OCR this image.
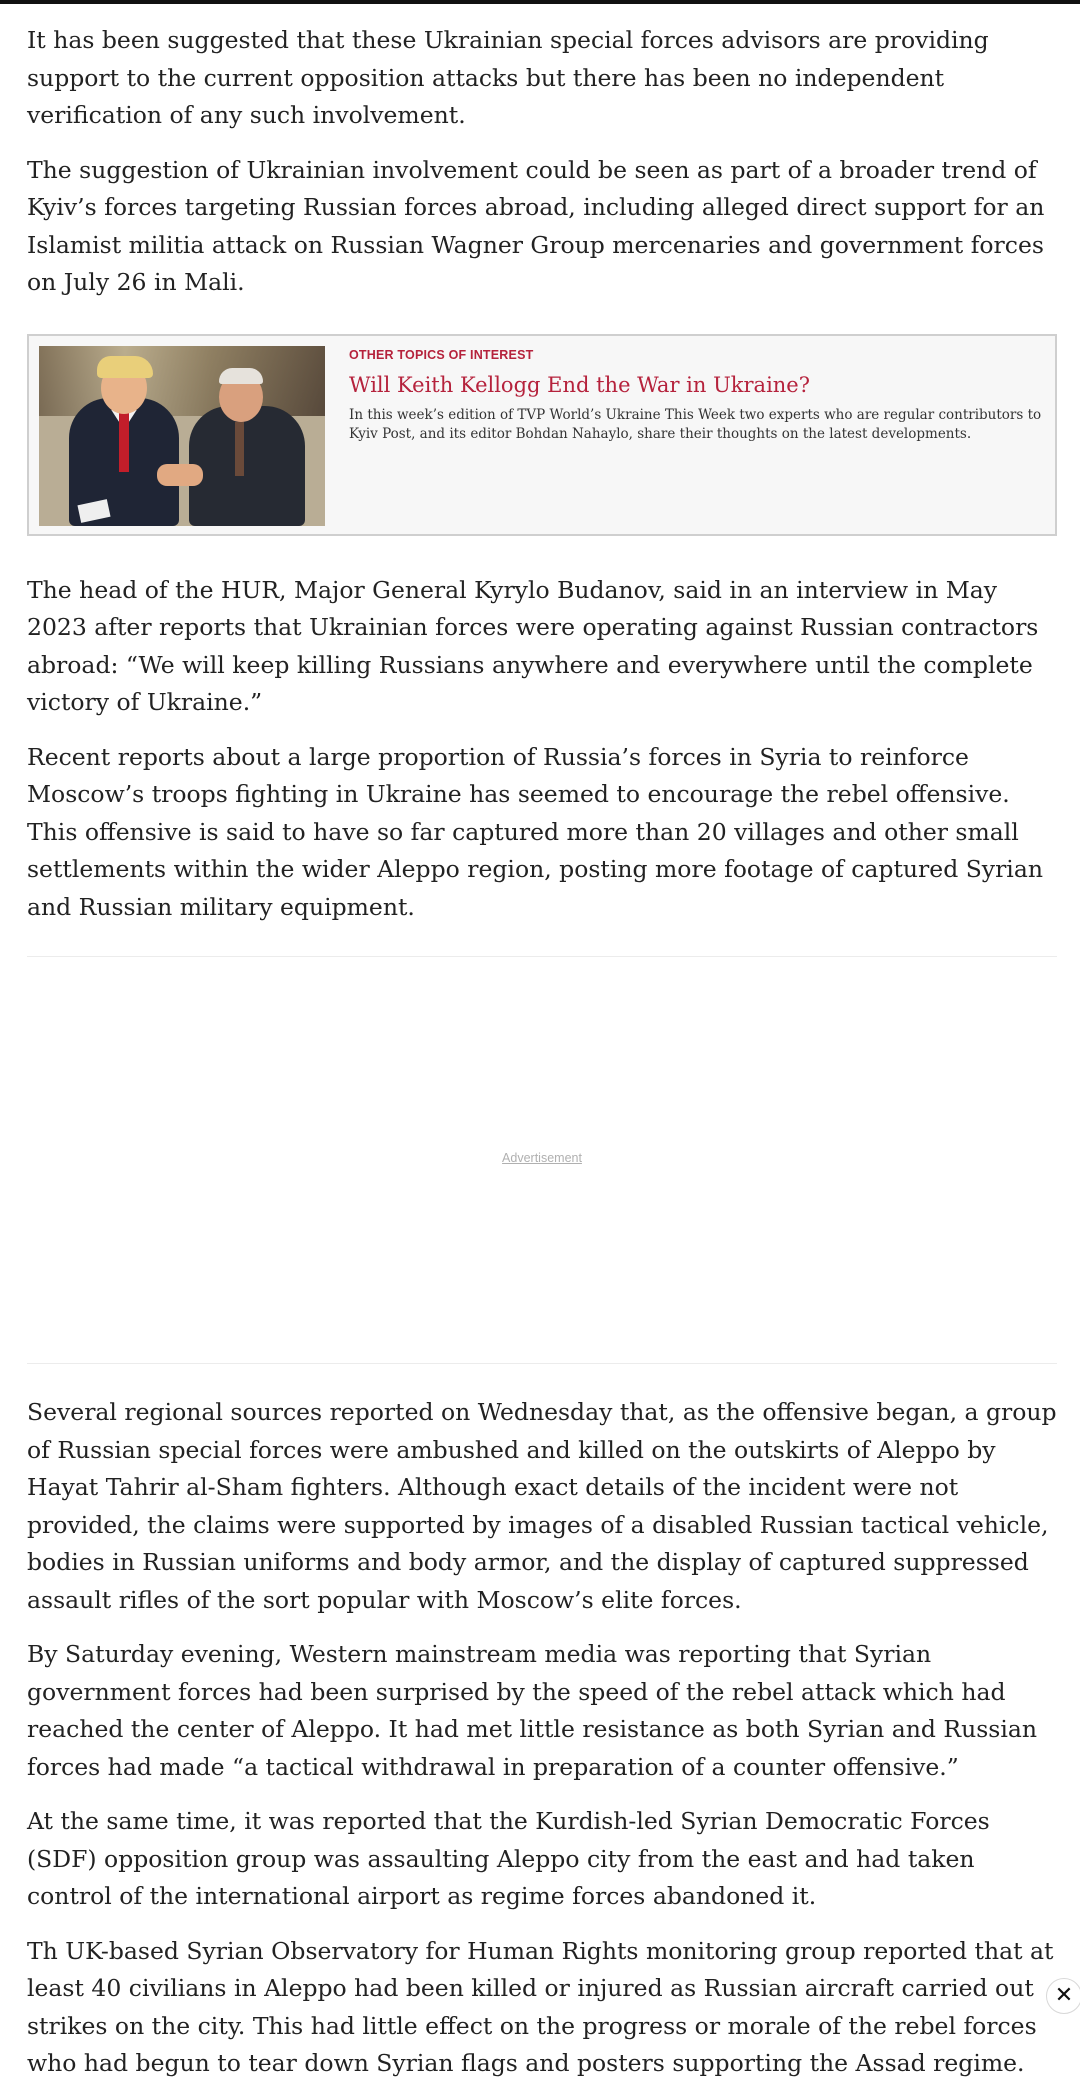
It has been suggested that these Ukrainian special forces advisors are providing support to the current opposition attacks but there has been no independent verification of any such involvement.

The suggestion of Ukrainian involvement could be seen as part of a broader trend of Kyiv’s forces targeting Russian forces abroad, including alleged direct support for an Islamist militia attack on Russian Wagner Group mercenaries and government forces on July 26 in Mali.

OTHER TOPICS OF INTEREST
Will Keith Kellogg End the War in Ukraine?

In this week’s edition of TVP World’s Ukraine This Week two experts who are regular contributors to Kyiv Post, and its editor Bohdan Nahaylo, share their thoughts on the latest developments.

The head of the HUR, Major General Kyrylo Budanov, said in an interview in May 2023 after reports that Ukrainian forces were operating against Russian contractors abroad: “We will keep killing Russians anywhere and everywhere until the complete victory of Ukraine.”

Recent reports about a large proportion of Russia’s forces in Syria to reinforce Moscow’s troops fighting in Ukraine has seemed to encourage the rebel offensive. This offensive is said to have so far captured more than 20 villages and other small settlements within the wider Aleppo region, posting more footage of captured Syrian and Russian military equipment.

Advertisement

Several regional sources reported on Wednesday that, as the offensive began, a group of Russian special forces were ambushed and killed on the outskirts of Aleppo by Hayat Tahrir al-Sham fighters. Although exact details of the incident were not provided, the claims were supported by images of a disabled Russian tactical vehicle, bodies in Russian uniforms and body armor, and the display of captured suppressed assault rifles of the sort popular with Moscow’s elite forces.

By Saturday evening, Western mainstream media was reporting that Syrian government forces had been surprised by the speed of the rebel attack which had reached the center of Aleppo. It had met little resistance as both Syrian and Russian forces had made “a tactical withdrawal in preparation of a counter offensive.”

At the same time, it was reported that the Kurdish-led Syrian Democratic Forces (SDF) opposition group was assaulting Aleppo city from the east and had taken control of the international airport as regime forces abandoned it.

Th UK-based Syrian Observatory for Human Rights monitoring group reported that at least 40 civilians in Aleppo had been killed or injured as Russian aircraft carried out strikes on the city. This had little effect on the progress or morale of the rebel forces who had begun to tear down Syrian flags and posters supporting the Assad regime.

✕
